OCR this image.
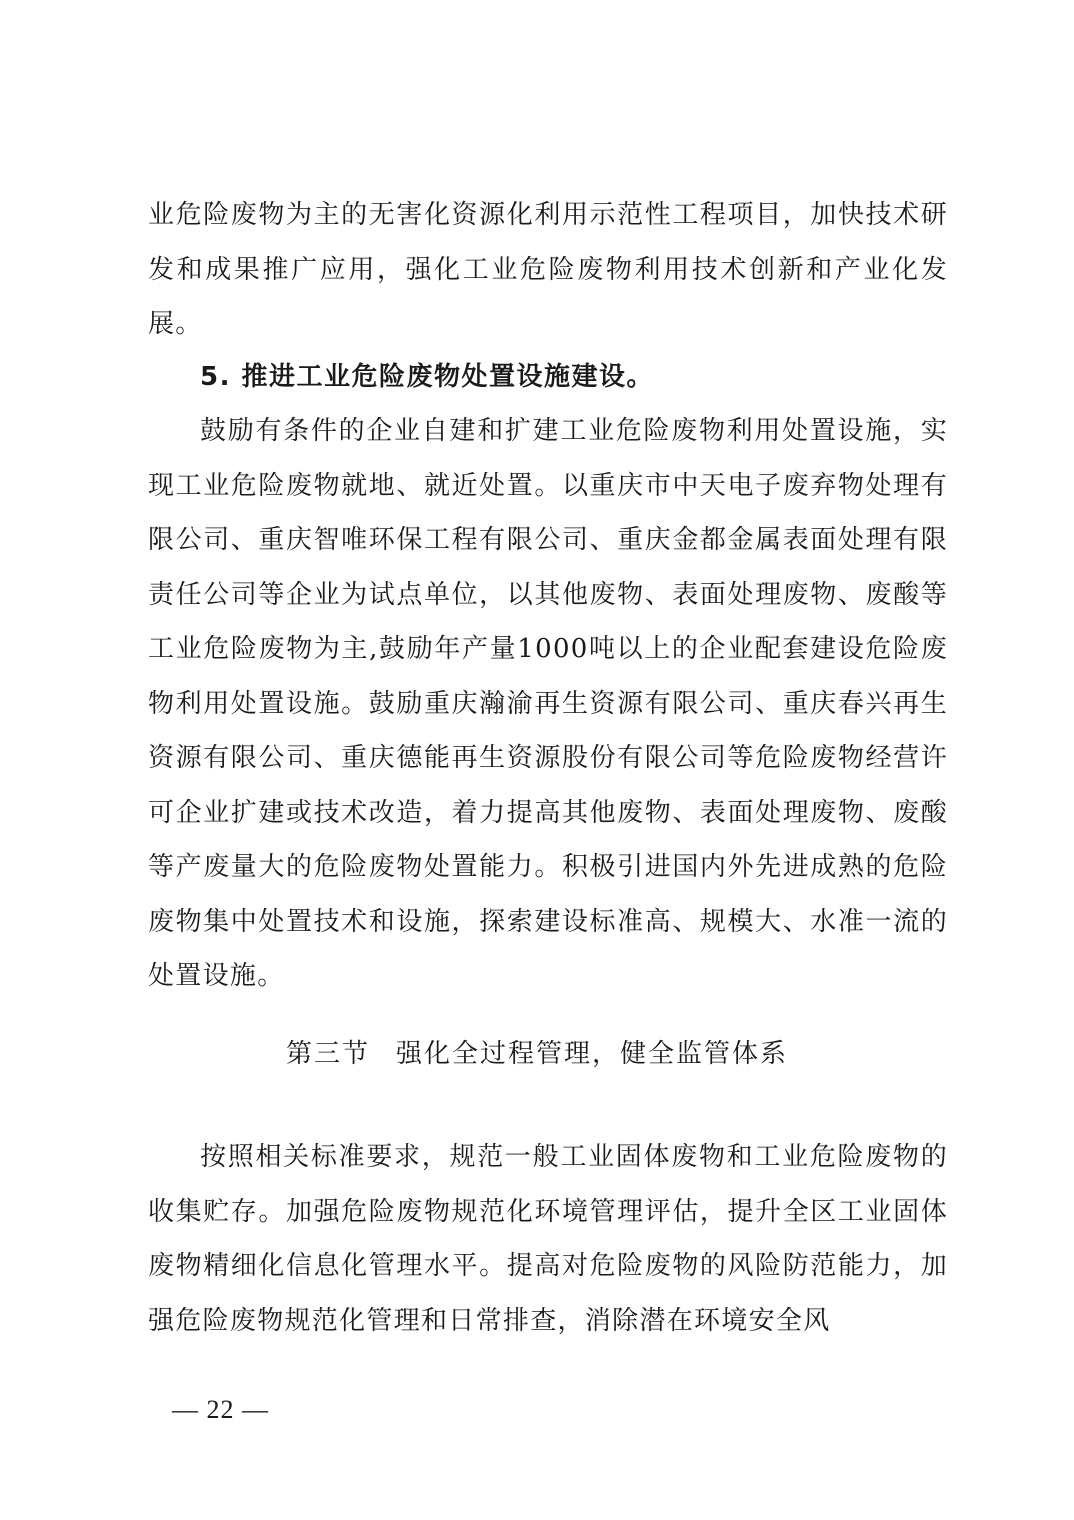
业危险废物为主的无害化资源化利用示范性工程项目，加快技术研发和成果推广应用，强化工业危险废物利用技术创新和产业化发展。

5. 推进工业危险废物处置设施建设。

鼓励有条件的企业自建和扩建工业危险废物利用处置设施，实现工业危险废物就地、就近处置。以重庆市中天电子废弃物处理有限公司、重庆智唯环保工程有限公司、重庆金都金属表面处理有限责任公司等企业为试点单位，以其他废物、表面处理废物、废酸等工业危险废物为主,鼓励年产量1000吨以上的企业配套建设危险废物利用处置设施。鼓励重庆瀚渝再生资源有限公司、重庆春兴再生资源有限公司、重庆德能再生资源股份有限公司等危险废物经营许可企业扩建或技术改造，着力提高其他废物、表面处理废物、废酸等产废量大的危险废物处置能力。积极引进国内外先进成熟的危险废物集中处置技术和设施，探索建设标准高、规模大、水准一流的处置设施。

第三节 强化全过程管理，健全监管体系

按照相关标准要求，规范一般工业固体废物和工业危险废物的收集贮存。加强危险废物规范化环境管理评估，提升全区工业固体废物精细化信息化管理水平。提高对危险废物的风险防范能力，加强危险废物规范化管理和日常排查，消除潜在环境安全风

— 22 —
